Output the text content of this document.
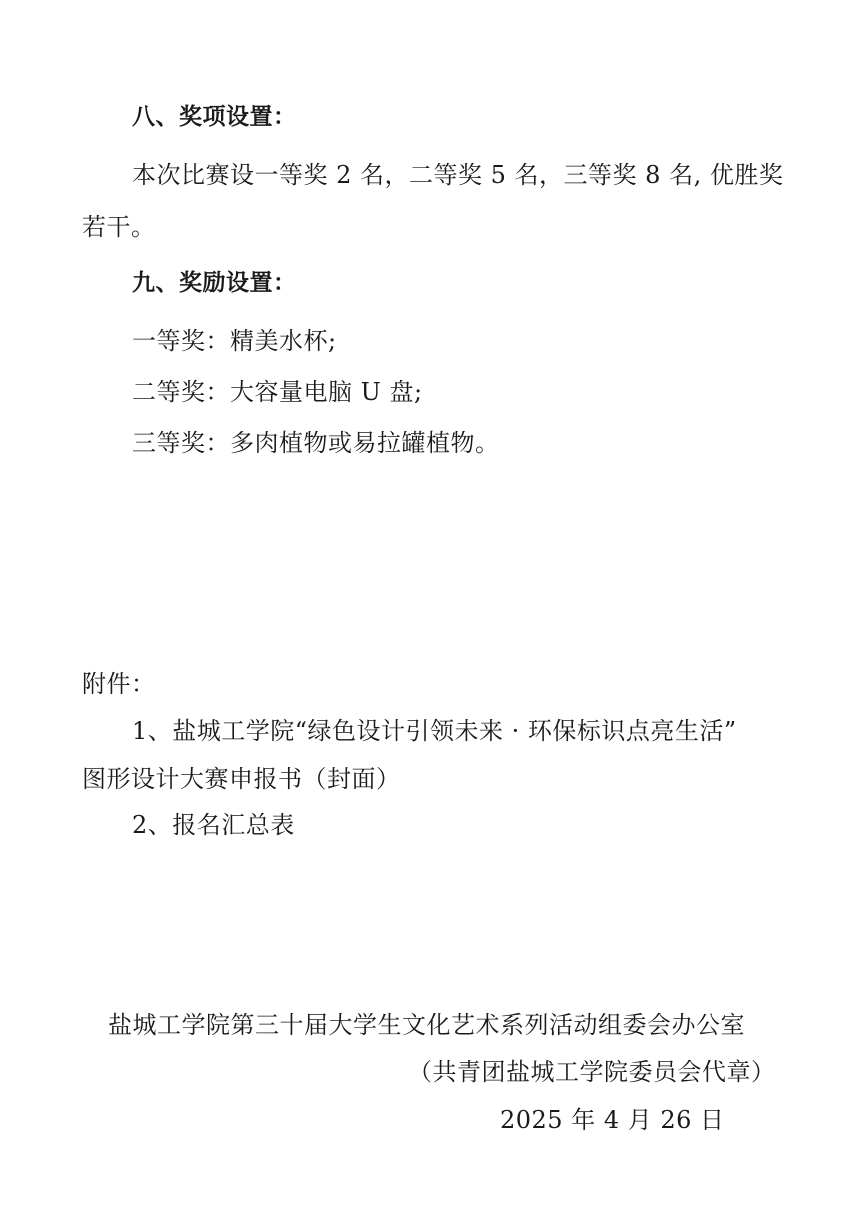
八、奖项设置：
本次比赛设一等奖 2 名，二等奖 5 名，三等奖 8 名, 优胜奖
若干。
九、奖励设置：
一等奖：精美水杯;
二等奖：大容量电脑 U 盘;
三等奖：多肉植物或易拉罐植物。
附件：
1、盐城工学院“绿色设计引领未来 · 环保标识点亮生活”
图形设计大赛申报书（封面）
2、报名汇总表
盐城工学院第三十届大学生文化艺术系列活动组委会办公室
（共青团盐城工学院委员会代章）
2025 年 4 月 26 日
